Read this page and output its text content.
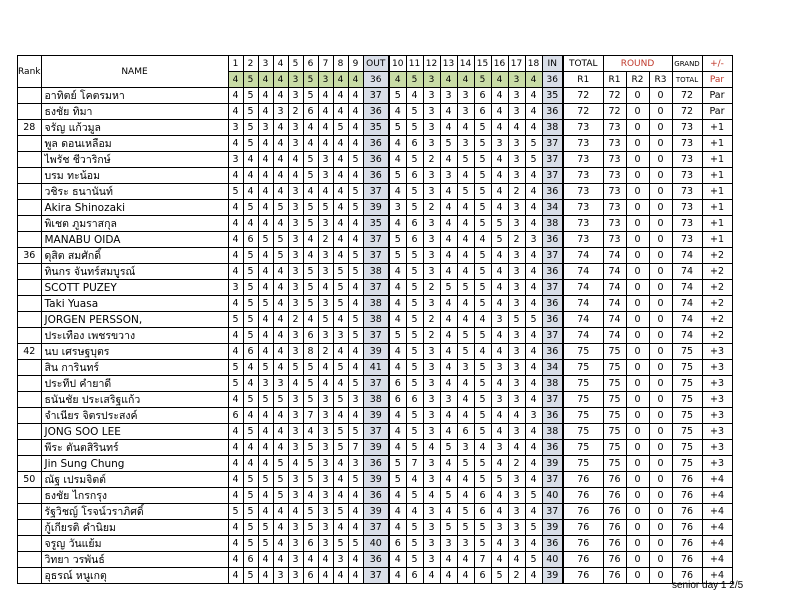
Rank	NAME	1	2	3	4	5	6	7	8	9	OUT	10	11	12	13	14	15	16	17	18	IN	TOTAL	ROUND			GRAND	+/-
		4	5	4	4	3	5	3	4	4	36	4	5	3	4	4	5	4	3	4	36	R1	R1	R2	R3	TOTAL	Par
	อาทิตย์ โคตรมหา	4	5	4	4	3	5	4	4	4	37	5	4	3	3	3	6	4	3	4	35	72	72	0	0	72	Par
	ธงชัย ทิมา	4	5	4	3	2	6	4	4	4	36	4	5	3	4	3	6	4	3	4	36	72	72	0	0	72	Par
28	จรัญ แก้วมูล	3	5	3	4	3	4	4	5	4	35	5	5	3	4	4	5	4	4	4	38	73	73	0	0	73	+1
	พูล ดอนเหลือม	4	5	4	4	3	4	4	4	4	36	4	6	3	5	3	5	3	3	5	37	73	73	0	0	73	+1
	ไพรัช ชีวาริกษ์	3	4	4	4	4	5	3	4	5	36	4	5	2	4	5	5	4	3	5	37	73	73	0	0	73	+1
	บรม ทะน้อม	4	4	4	4	4	5	3	4	4	36	5	6	3	3	4	5	4	3	4	37	73	73	0	0	73	+1
	วชิระ ธนานันท์	5	4	4	4	3	4	4	4	5	37	4	5	3	4	5	5	4	2	4	36	73	73	0	0	73	+1
	Akira Shinozaki	4	5	4	5	3	5	5	4	5	39	3	5	2	4	4	5	4	3	4	34	73	73	0	0	73	+1
	พิเชต ภูมราสกุล	4	4	4	4	3	5	3	4	4	35	4	6	3	4	4	5	5	3	4	38	73	73	0	0	73	+1
	MANABU OIDA	4	6	5	5	3	4	2	4	4	37	5	6	3	4	4	4	5	2	3	36	73	73	0	0	73	+1
36	ดุสิต สมศักดิ์	4	5	4	5	3	4	3	4	5	37	5	5	3	4	4	5	4	3	4	37	74	74	0	0	74	+2
	ทินกร จันทร์สมบูรณ์	4	5	4	4	3	5	3	5	5	38	4	5	3	4	4	5	4	3	4	36	74	74	0	0	74	+2
	SCOTT PUZEY	3	5	4	4	3	5	4	5	4	37	4	5	2	5	5	5	4	3	4	37	74	74	0	0	74	+2
	Taki Yuasa	4	5	5	4	3	5	3	5	4	38	4	5	3	4	4	5	4	3	4	36	74	74	0	0	74	+2
	JORGEN PERSSON,	5	5	4	4	2	4	5	4	5	38	4	5	2	4	4	4	3	5	5	36	74	74	0	0	74	+2
	ประเทือง เพชรขวาง	4	5	4	4	3	6	3	3	5	37	5	5	2	4	5	5	4	3	4	37	74	74	0	0	74	+2
42	นบ เศรษฐบุตร	4	6	4	4	3	8	2	4	4	39	4	5	3	4	5	4	4	3	4	36	75	75	0	0	75	+3
	สิน การินทร์	5	4	5	4	5	5	4	5	4	41	4	5	3	4	3	5	3	3	4	34	75	75	0	0	75	+3
	ประทีป คำยาดี	5	4	3	3	4	5	4	4	5	37	6	5	3	4	4	5	4	3	4	38	75	75	0	0	75	+3
	ธนันชัย ประเสริฐแก้ว	4	5	5	5	3	5	3	5	3	38	6	6	3	3	4	5	3	3	4	37	75	75	0	0	75	+3
	จำเนียร จิตรประสงค์	6	4	4	4	3	7	3	4	4	39	4	5	3	4	4	5	4	4	3	36	75	75	0	0	75	+3
	JONG SOO LEE	4	5	4	4	3	4	3	5	5	37	4	5	3	4	6	5	4	3	4	38	75	75	0	0	75	+3
	พีระ ตันตสิรินทร์	4	4	4	4	3	5	3	5	7	39	4	5	4	5	3	4	3	4	4	36	75	75	0	0	75	+3
	Jin Sung Chung	4	4	4	5	4	5	3	4	3	36	5	7	3	4	5	5	4	2	4	39	75	75	0	0	75	+3
50	ณัฐ เปรมจิตต์	4	5	5	5	3	5	3	4	5	39	5	4	3	4	4	5	5	3	4	37	76	76	0	0	76	+4
	ธงชัย ไกรกรุง	4	5	4	5	3	4	3	4	4	36	4	5	4	5	4	6	4	3	5	40	76	76	0	0	76	+4
	รัฐวิชญ์ โรจน์วราภิศดิ์	5	5	4	4	4	5	3	5	4	39	4	4	3	4	5	6	4	3	4	37	76	76	0	0	76	+4
	กู้เกียรติ คำนิยม	4	5	5	4	3	5	3	4	4	37	4	5	3	5	5	5	3	3	5	39	76	76	0	0	76	+4
	จรูญ วันแย้ม	4	5	5	4	3	6	3	5	5	40	6	5	3	3	3	5	4	3	4	36	76	76	0	0	76	+4
	วิทยา วรพันธ์	4	6	4	4	3	4	4	3	4	36	4	5	3	4	4	7	4	4	5	40	76	76	0	0	76	+4
	อุธรณ์ หนูเกตุ	4	5	4	3	3	6	4	4	4	37	4	6	4	4	4	6	5	2	4	39	76	76	0	0	76	+4
senior day 1 2/5
